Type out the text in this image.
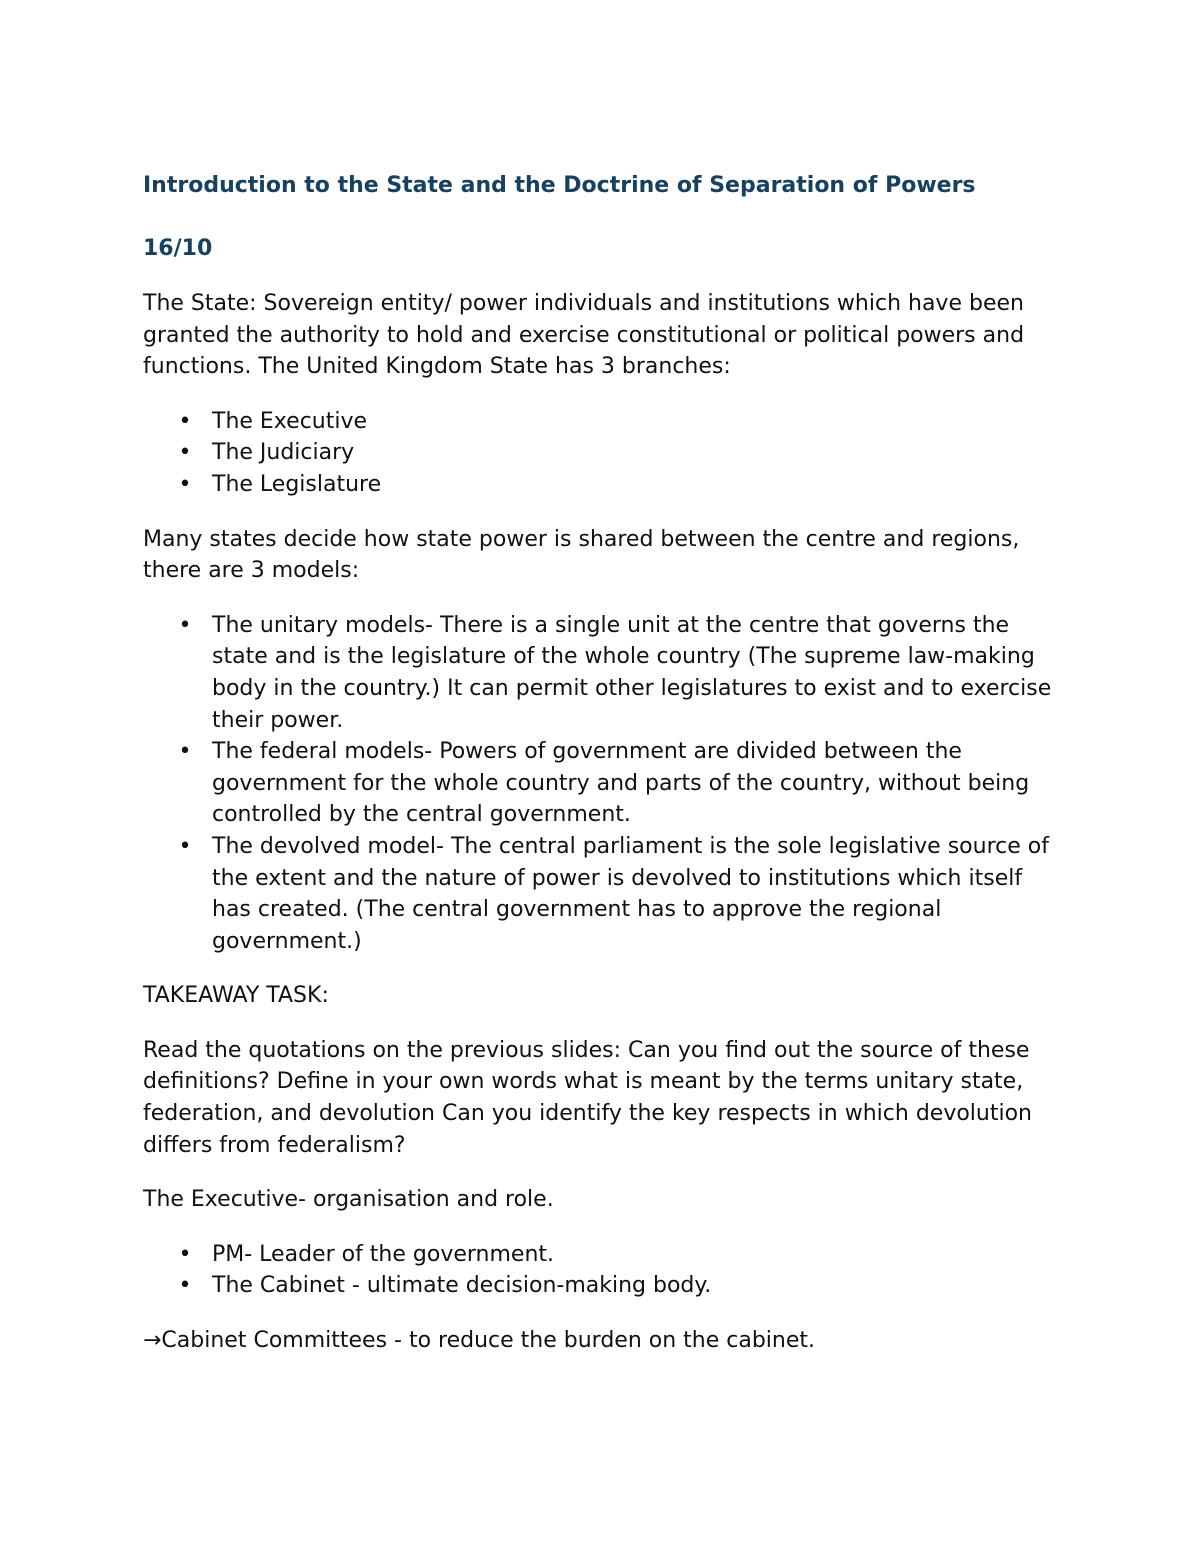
Introduction to the State and the Doctrine of Separation of Powers
16/10

The State: Sovereign entity/ power individuals and institutions which have been granted the authority to hold and exercise constitutional or political powers and functions. The United Kingdom State has 3 branches:

• The Executive
• The Judiciary
• The Legislature

Many states decide how state power is shared between the centre and regions, there are 3 models:

• The unitary models- There is a single unit at the centre that governs the state and is the legislature of the whole country (The supreme law-making body in the country.) It can permit other legislatures to exist and to exercise their power.
• The federal models- Powers of government are divided between the government for the whole country and parts of the country, without being controlled by the central government.
• The devolved model- The central parliament is the sole legislative source of the extent and the nature of power is devolved to institutions which itself has created. (The central government has to approve the regional government.)

TAKEAWAY TASK:

Read the quotations on the previous slides: Can you find out the source of these definitions? Define in your own words what is meant by the terms unitary state, federation, and devolution Can you identify the key respects in which devolution differs from federalism?

The Executive- organisation and role.

• PM- Leader of the government.
• The Cabinet - ultimate decision-making body.

→Cabinet Committees - to reduce the burden on the cabinet.
